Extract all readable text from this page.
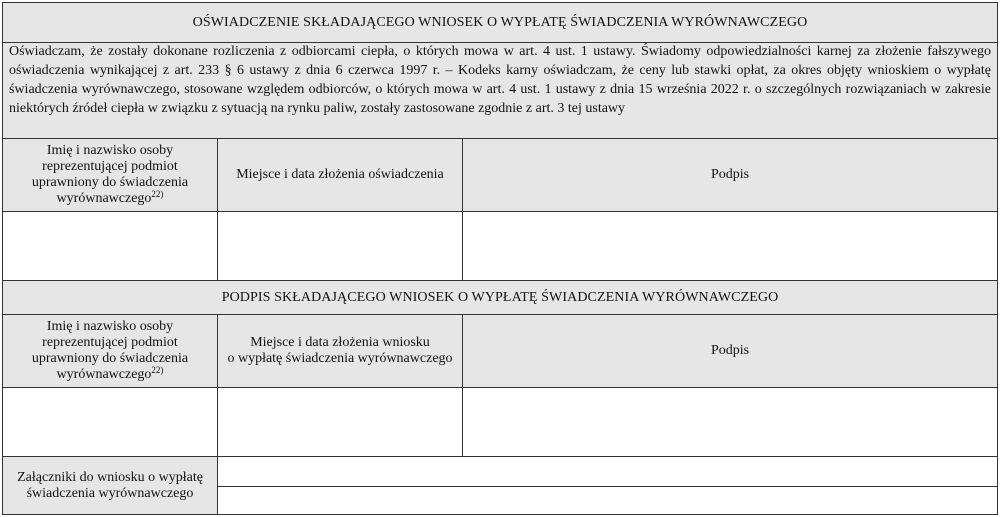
OŚWIADCZENIE SKŁADAJĄCEGO WNIOSEK O WYPŁATĘ ŚWIADCZENIA WYRÓWNAWCZEGO
Oświadczam, że zostały dokonane rozliczenia z odbiorcami ciepła, o których mowa w art. 4 ust. 1 ustawy. Świadomy odpowiedzialności karnej za złożenie fałszywego oświadczenia wynikającej z art. 233 § 6 ustawy z dnia 6 czerwca 1997 r. – Kodeks karny oświadczam, że ceny lub stawki opłat, za okres objęty wnioskiem o wypłatę świadczenia wyrównawczego, stosowane względem odbiorców, o których mowa w art. 4 ust. 1 ustawy z dnia 15 września 2022 r. o szczególnych rozwiązaniach w zakresie niektórych źródeł ciepła w związku z sytuacją na rynku paliw, zostały zastosowane zgodnie z art. 3 tej ustawy
Imię i nazwisko osoby reprezentującej podmiot uprawniony do świadczenia wyrównawczego$^{22)}$
Miejsce i data złożenia oświadczenia	Podpis
PODPIS SKŁADAJĄCEGO WNIOSEK O WYPŁATĘ ŚWIADCZENIA WYRÓWNAWCZEGO
Imię i nazwisko osoby reprezentującej podmiot uprawniony do świadczenia wyrównawczego$^{22)}$
Miejsce i data złożenia wniosku
o wypłatę świadczenia wyrównawczego
Podpis
Załączniki do wniosku o wypłatę świadczenia wyrównawczego
